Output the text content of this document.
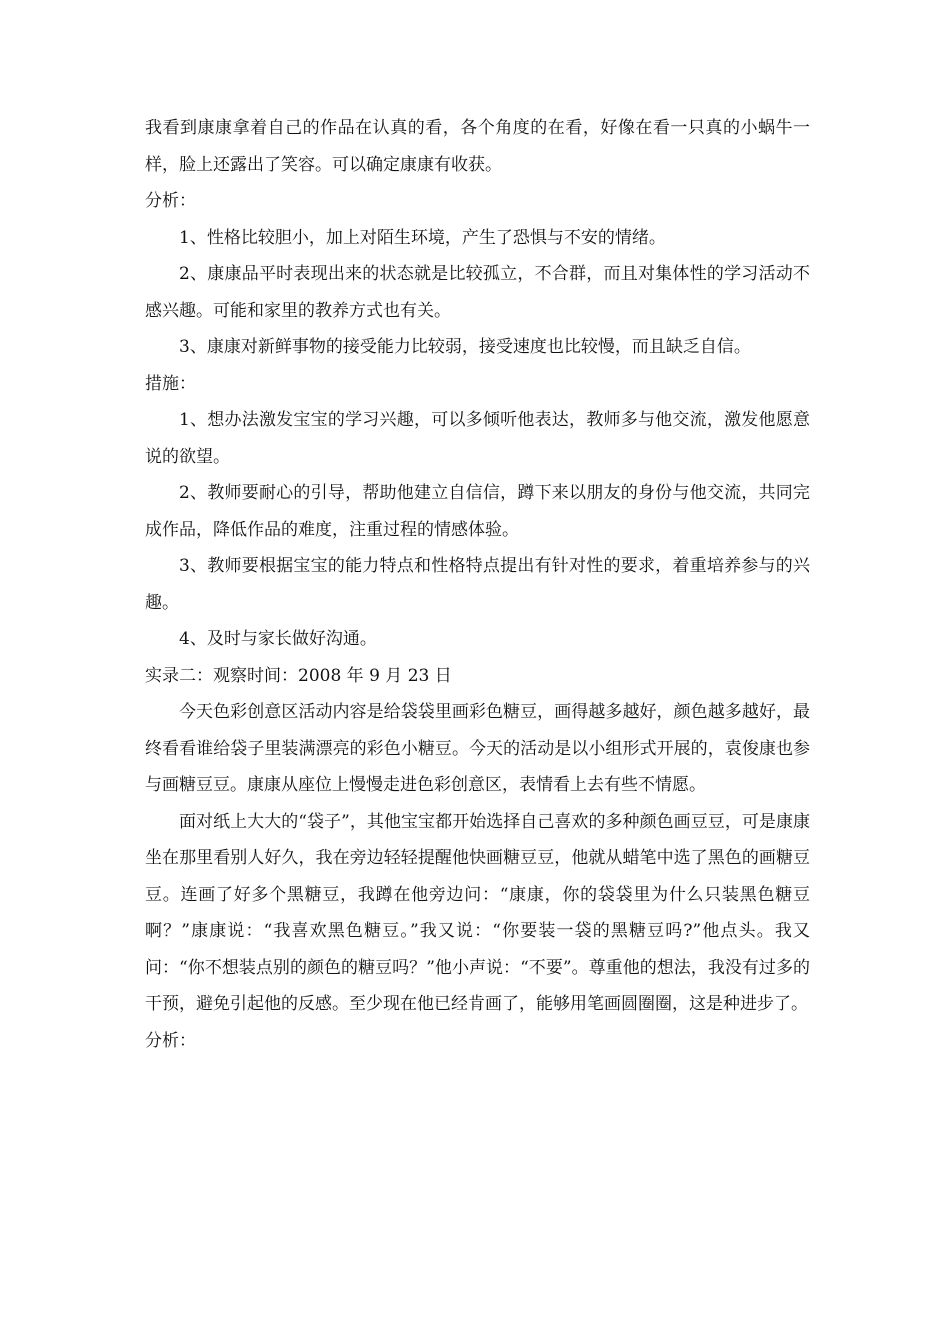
我看到康康拿着自己的作品在认真的看，各个角度的在看，好像在看一只真的小蜗牛一样，脸上还露出了笑容。可以确定康康有收获。

分析：

1、性格比较胆小，加上对陌生环境，产生了恐惧与不安的情绪。

2、康康品平时表现出来的状态就是比较孤立，不合群，而且对集体性的学习活动不感兴趣。可能和家里的教养方式也有关。

3、康康对新鲜事物的接受能力比较弱，接受速度也比较慢，而且缺乏自信。

措施：

1、想办法激发宝宝的学习兴趣，可以多倾听他表达，教师多与他交流，激发他愿意说的欲望。

2、教师要耐心的引导，帮助他建立自信信，蹲下来以朋友的身份与他交流，共同完成作品，降低作品的难度，注重过程的情感体验。

3、教师要根据宝宝的能力特点和性格特点提出有针对性的要求，着重培养参与的兴趣。

4、及时与家长做好沟通。

实录二：观察时间：2008 年 9 月 23 日

今天色彩创意区活动内容是给袋袋里画彩色糖豆，画得越多越好，颜色越多越好，最终看看谁给袋子里装满漂亮的彩色小糖豆。今天的活动是以小组形式开展的，袁俊康也参与画糖豆豆。康康从座位上慢慢走进色彩创意区，表情看上去有些不情愿。

面对纸上大大的“袋子”，其他宝宝都开始选择自己喜欢的多种颜色画豆豆，可是康康坐在那里看别人好久，我在旁边轻轻提醒他快画糖豆豆，他就从蜡笔中选了黑色的画糖豆豆。连画了好多个黑糖豆，我蹲在他旁边问：“康康，你的袋袋里为什么只装黑色糖豆啊？”康康说：“我喜欢黑色糖豆。”我又说：“你要装一袋的黑糖豆吗?”他点头。我又问：“你不想装点别的颜色的糖豆吗？”他小声说：“不要”。尊重他的想法，我没有过多的干预，避免引起他的反感。至少现在他已经肯画了，能够用笔画圆圈圈，这是种进步了。

分析：
